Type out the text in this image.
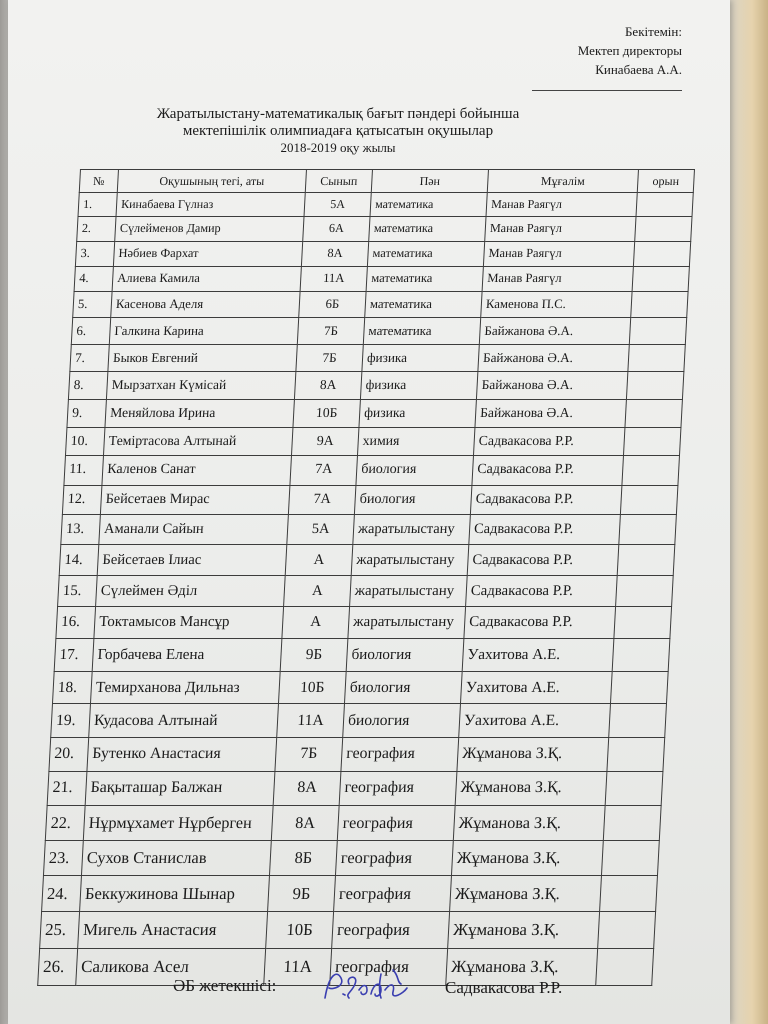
Бекітемін:
Мектеп директоры
Кинабаева А.А.
Жаратылыстану-математикалық бағыт пәндері бойынша
мектепішілік олимпиадаға қатысатын оқушылар
2018-2019 оқу жылы
№	Оқушының тегі, аты	Сынып	Пән	Мұғалім	орын
1.	Кинабаева Гүлназ	5А	математика	Манав Раягүл	
2.	Сүлейменов Дамир	6А	математика	Манав Раягүл	
3.	Нәбиев Фархат	8А	математика	Манав Раягүл	
4.	Алиева Камила	11А	математика	Манав Раягүл	
5.	Касенова Аделя	6Б	математика	Каменова П.С.	
6.	Галкина Карина	7Б	математика	Байжанова Ә.А.	
7.	Быков Евгений	7Б	физика	Байжанова Ә.А.	
8.	Мырзатхан Күмісай	8А	физика	Байжанова Ә.А.	
9.	Меняйлова Ирина	10Б	физика	Байжанова Ә.А.	
10.	Теміртасова Алтынай	9А	химия	Садвакасова Р.Р.	
11.	Каленов Санат	7А	биология	Садвакасова Р.Р.	
12.	Бейсетаев Мирас	7А	биология	Садвакасова Р.Р.	
13.	Аманали Сайын	5А	жаратылыстану	Садвакасова Р.Р.	
14.	Бейсетаев Ілиас	А	жаратылыстану	Садвакасова Р.Р.	
15.	Сүлеймен Әділ	А	жаратылыстану	Садвакасова Р.Р.	
16.	Токтамысов Мансұр	А	жаратылыстану	Садвакасова Р.Р.	
17.	Горбачева Елена	9Б	биология	Уахитова А.Е.	
18.	Темирханова Дильназ	10Б	биология	Уахитова А.Е.	
19.	Кудасова Алтынай	11А	биология	Уахитова А.Е.	
20.	Бутенко Анастасия	7Б	география	Жұманова З.Қ.	
21.	Бақыташар Балжан	8А	география	Жұманова З.Қ.	
22.	Нұрмұхамет Нұрберген	8А	география	Жұманова З.Қ.	
23.	Сухов Станислав	8Б	география	Жұманова З.Қ.	
24.	Беккужинова Шынар	9Б	география	Жұманова З.Қ.	
25.	Мигель Анастасия	10Б	география	Жұманова З.Қ.	
26.	Саликова Асел	11А	география	Жұманова З.Қ.	
ӘБ жетекшісі:	Садвакасова Р.Р.
